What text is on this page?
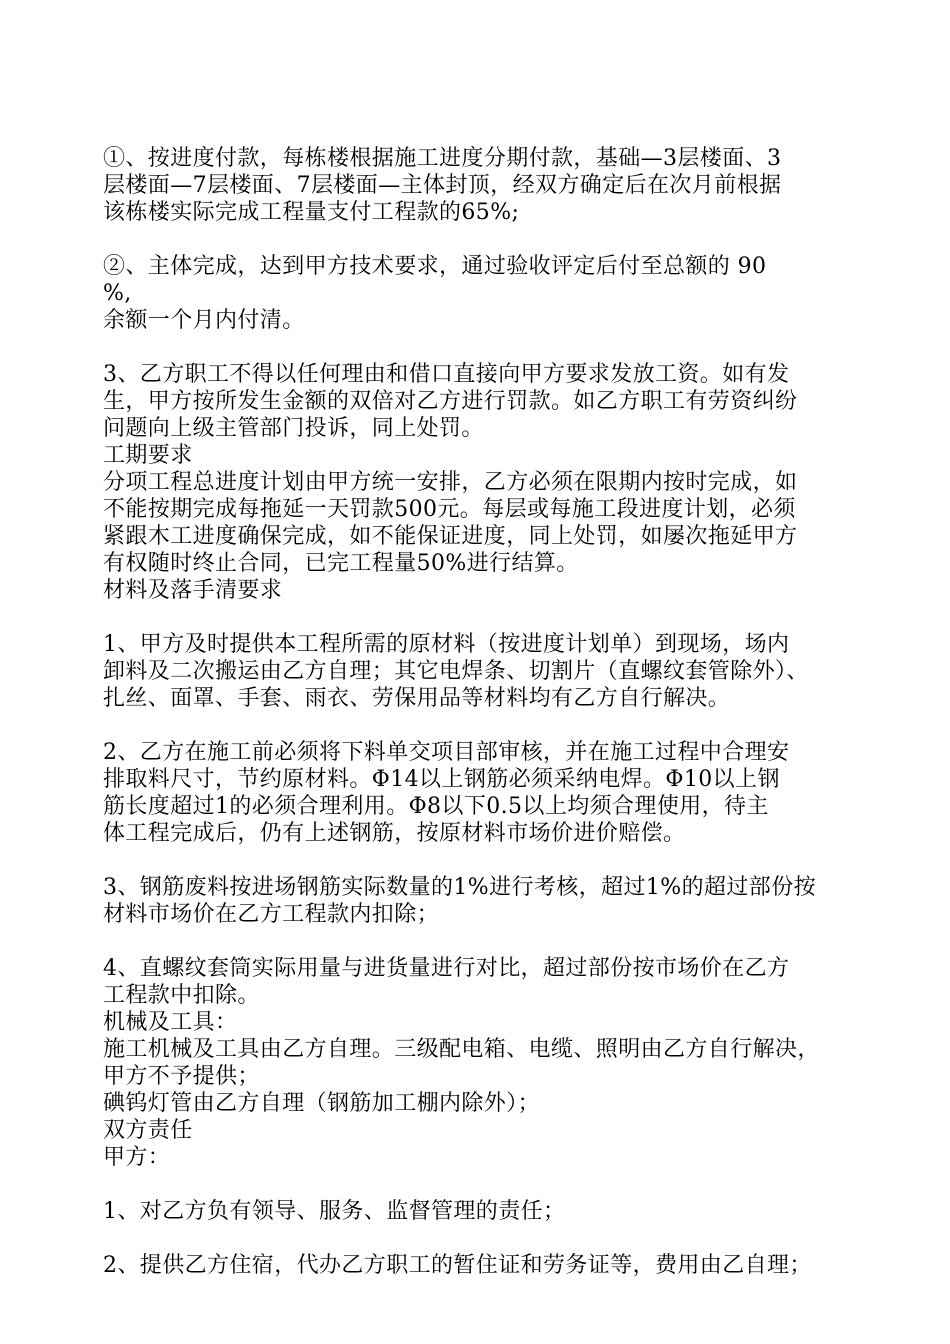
①、按进度付款，每栋楼根据施工进度分期付款，基础—3层楼面、3
层楼面—7层楼面、7层楼面—主体封顶，经双方确定后在次月前根据
该栋楼实际完成工程量支付工程款的65%;
②、主体完成，达到甲方技术要求，通过验收评定后付至总额的 90
%,
余额一个月内付清。
3、乙方职工不得以任何理由和借口直接向甲方要求发放工资。如有发
生，甲方按所发生金额的双倍对乙方进行罚款。如乙方职工有劳资纠纷
问题向上级主管部门投诉，同上处罚。
工期要求
分项工程总进度计划由甲方统一安排，乙方必须在限期内按时完成，如
不能按期完成每拖延一天罚款500元。每层或每施工段进度计划，必须
紧跟木工进度确保完成，如不能保证进度，同上处罚，如屡次拖延甲方
有权随时终止合同，已完工程量50%进行结算。
材料及落手清要求
1、甲方及时提供本工程所需的原材料（按进度计划单）到现场，场内
卸料及二次搬运由乙方自理；其它电焊条、切割片（直螺纹套管除外）、
扎丝、面罩、手套、雨衣、劳保用品等材料均有乙方自行解决。
2、乙方在施工前必须将下料单交项目部审核，并在施工过程中合理安
排取料尺寸，节约原材料。Φ14以上钢筋必须采纳电焊。Φ10以上钢
筋长度超过1的必须合理利用。Φ8以下0.5以上均须合理使用，待主
体工程完成后，仍有上述钢筋，按原材料市场价进价赔偿。
3、钢筋废料按进场钢筋实际数量的1%进行考核，超过1%的超过部份按
材料市场价在乙方工程款内扣除；
4、直螺纹套筒实际用量与进货量进行对比，超过部份按市场价在乙方
工程款中扣除。
机械及工具：
施工机械及工具由乙方自理。三级配电箱、电缆、照明由乙方自行解决，
甲方不予提供；
碘钨灯管由乙方自理（钢筋加工棚内除外）；
双方责任
甲方：
1、对乙方负有领导、服务、监督管理的责任；
2、提供乙方住宿，代办乙方职工的暂住证和劳务证等，费用由乙自理；
